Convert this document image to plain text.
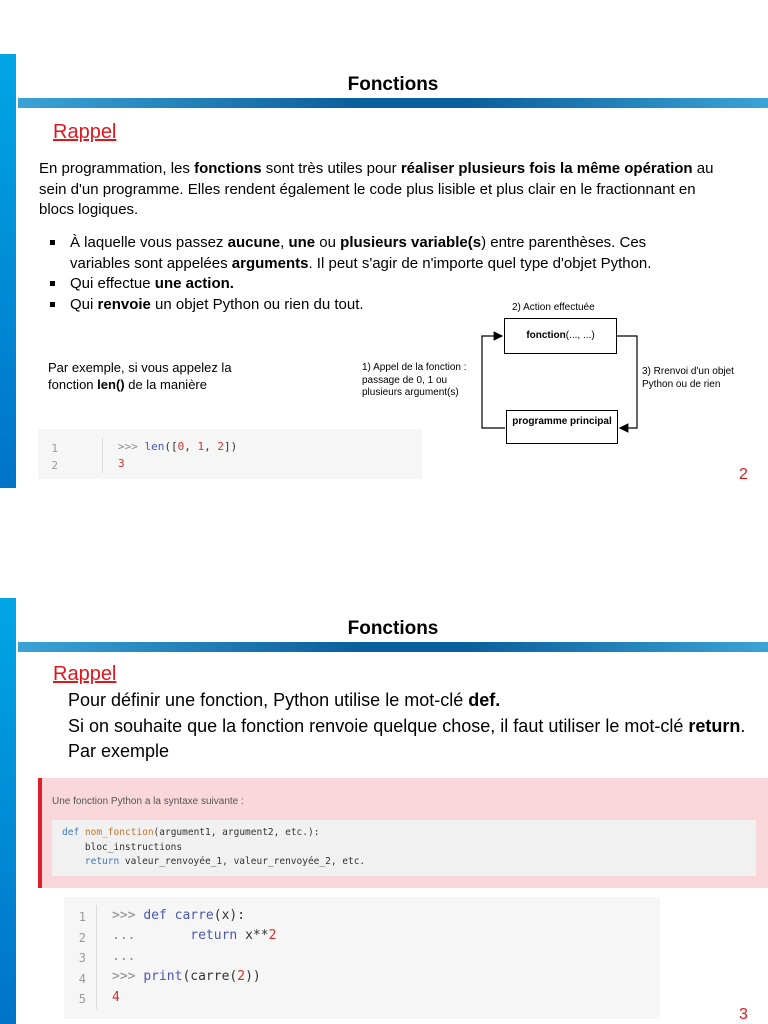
Fonctions
Rappel
En programmation, les fonctions sont très utiles pour réaliser plusieurs fois la même opération au sein d'un programme. Elles rendent également le code plus lisible et plus clair en le fractionnant en blocs logiques.
À laquelle vous passez aucune, une ou plusieurs variable(s) entre parenthèses. Ces variables sont appelées arguments. Il peut s'agir de n'importe quel type d'objet Python.
Qui effectue une action.
Qui renvoie un objet Python ou rien du tout.
Par exemple, si vous appelez la fonction len() de la manière
1
2
>>> len([0, 1, 2])
3
2) Action effectuée
fonction(..., ...)
1) Appel de la fonction : passage de 0, 1 ou plusieurs argument(s)
3) Rrenvoi d'un objet Python ou de rien
programme principal
2
Fonctions
Rappel
Pour définir une fonction, Python utilise le mot-clé def.
Si on souhaite que la fonction renvoie quelque chose, il faut utiliser le mot-clé return. Par exemple
Une fonction Python a la syntaxe suivante :
def nom_fonction(argument1, argument2, etc.):
bloc_instructions
return valeur_renvoyée_1, valeur_renvoyée_2, etc.
1
2
3
4
5
>>> def carre(x):
...       return x**2
...
>>> print(carre(2))
4
3
